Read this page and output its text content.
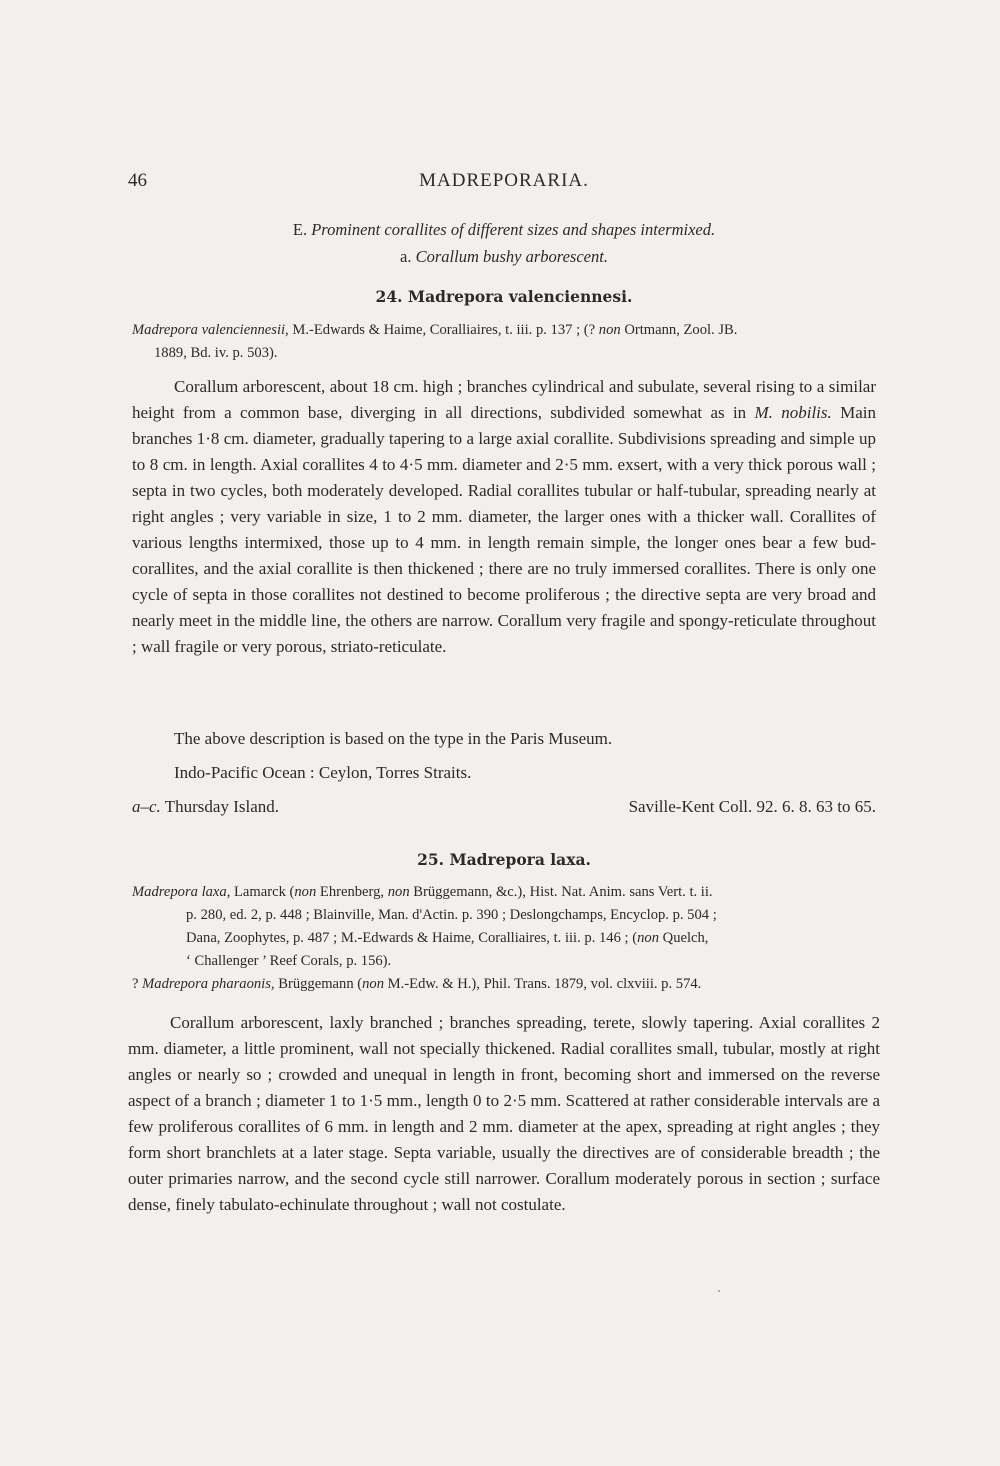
46	MADREPORARIA.
E. Prominent corallites of different sizes and shapes intermixed.
a. Corallum bushy arborescent.
24. Madrepora valenciennesi.
Madrepora valenciennesii, M.-Edwards & Haime, Coralliaires, t. iii. p. 137 ; (? non Ortmann, Zool. JB.
1889, Bd. iv. p. 503).

Corallum arborescent, about 18 cm. high ; branches cylindrical and subulate, several rising to a similar height from a common base, diverging in all directions, subdivided somewhat as in M. nobilis. Main branches 1·8 cm. diameter, gradually tapering to a large axial corallite. Subdivisions spreading and simple up to 8 cm. in length. Axial corallites 4 to 4·5 mm. diameter and 2·5 mm. exsert, with a very thick porous wall ; septa in two cycles, both moderately developed. Radial corallites tubular or half-tubular, spreading nearly at right angles ; very variable in size, 1 to 2 mm. diameter, the larger ones with a thicker wall. Corallites of various lengths intermixed, those up to 4 mm. in length remain simple, the longer ones bear a few bud-corallites, and the axial corallite is then thickened ; there are no truly immersed corallites. There is only one cycle of septa in those corallites not destined to become proliferous ; the directive septa are very broad and nearly meet in the middle line, the others are narrow. Corallum very fragile and spongy-reticulate throughout ; wall fragile or very porous, striato-reticulate.

The above description is based on the type in the Paris Museum.
Indo-Pacific Ocean : Ceylon, Torres Straits.
a–c. Thursday Island.	Saville-Kent Coll. 92. 6. 8. 63 to 65.
25. Madrepora laxa.
Madrepora laxa, Lamarck (non Ehrenberg, non Brüggemann, &c.), Hist. Nat. Anim. sans Vert. t. ii.
p. 280, ed. 2, p. 448 ; Blainville, Man. d'Actin. p. 390 ; Deslongchamps, Encyclop. p. 504 ;
Dana, Zoophytes, p. 487 ; M.-Edwards & Haime, Coralliaires, t. iii. p. 146 ; (non Quelch,
‘ Challenger ’ Reef Corals, p. 156).
? Madrepora pharaonis, Brüggemann (non M.-Edw. & H.), Phil. Trans. 1879, vol. clxviii. p. 574.

Corallum arborescent, laxly branched ; branches spreading, terete, slowly tapering. Axial corallites 2 mm. diameter, a little prominent, wall not specially thickened. Radial corallites small, tubular, mostly at right angles or nearly so ; crowded and unequal in length in front, becoming short and immersed on the reverse aspect of a branch ; diameter 1 to 1·5 mm., length 0 to 2·5 mm. Scattered at rather considerable intervals are a few proliferous corallites of 6 mm. in length and 2 mm. diameter at the apex, spreading at right angles ; they form short branchlets at a later stage. Septa variable, usually the directives are of considerable breadth ; the outer primaries narrow, and the second cycle still narrower. Corallum moderately porous in section ; surface dense, finely tabulato-echinulate throughout ; wall not costulate.
